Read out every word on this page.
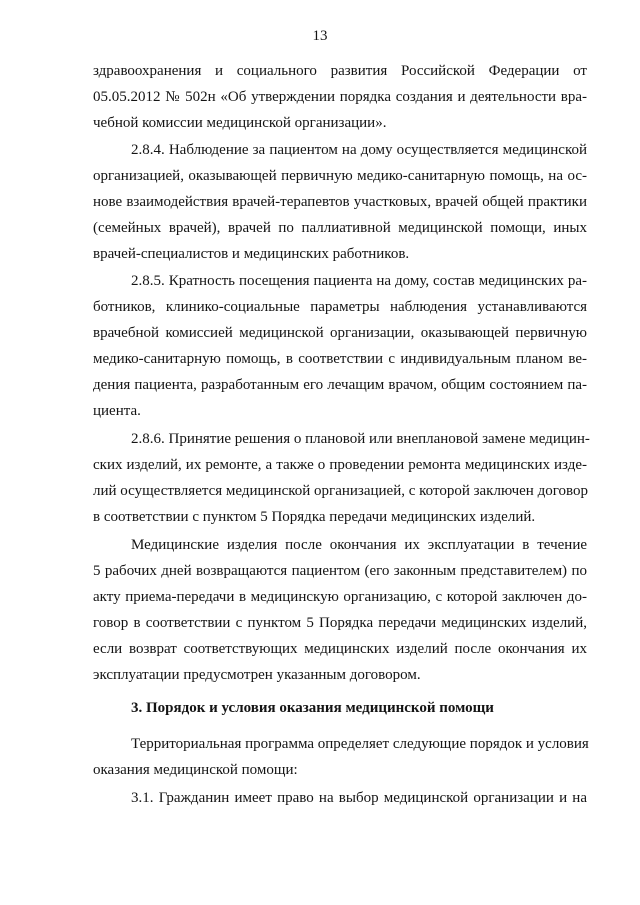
13
здравоохранения и социального развития Российской Федерации от
05.05.2012 № 502н «Об утверждении порядка создания и деятельности вра-
чебной комиссии медицинской организации».
2.8.4. Наблюдение за пациентом на дому осуществляется медицинской
организацией, оказывающей первичную медико-санитарную помощь, на ос-
нове взаимодействия врачей-терапевтов участковых, врачей общей практики
(семейных врачей), врачей по паллиативной медицинской помощи, иных
врачей-специалистов и медицинских работников.
2.8.5. Кратность посещения пациента на дому, состав медицинских ра-
ботников, клинико-социальные параметры наблюдения устанавливаются
врачебной комиссией медицинской организации, оказывающей первичную
медико-санитарную помощь, в соответствии с индивидуальным планом ве-
дения пациента, разработанным его лечащим врачом, общим состоянием па-
циента.
2.8.6. Принятие решения о плановой или внеплановой замене медицин-
ских изделий, их ремонте, а также о проведении ремонта медицинских изде-
лий осуществляется медицинской организацией, с которой заключен договор
в соответствии с пунктом 5 Порядка передачи медицинских изделий.
Медицинские изделия после окончания их эксплуатации в течение
5 рабочих дней возвращаются пациентом (его законным представителем) по
акту приема-передачи в медицинскую организацию, с которой заключен до-
говор в соответствии с пунктом 5 Порядка передачи медицинских изделий,
если возврат соответствующих медицинских изделий после окончания их
эксплуатации предусмотрен указанным договором.
3. Порядок и условия оказания медицинской помощи
Территориальная программа определяет следующие порядок и условия
оказания медицинской помощи:
3.1. Гражданин имеет право на выбор медицинской организации и на
